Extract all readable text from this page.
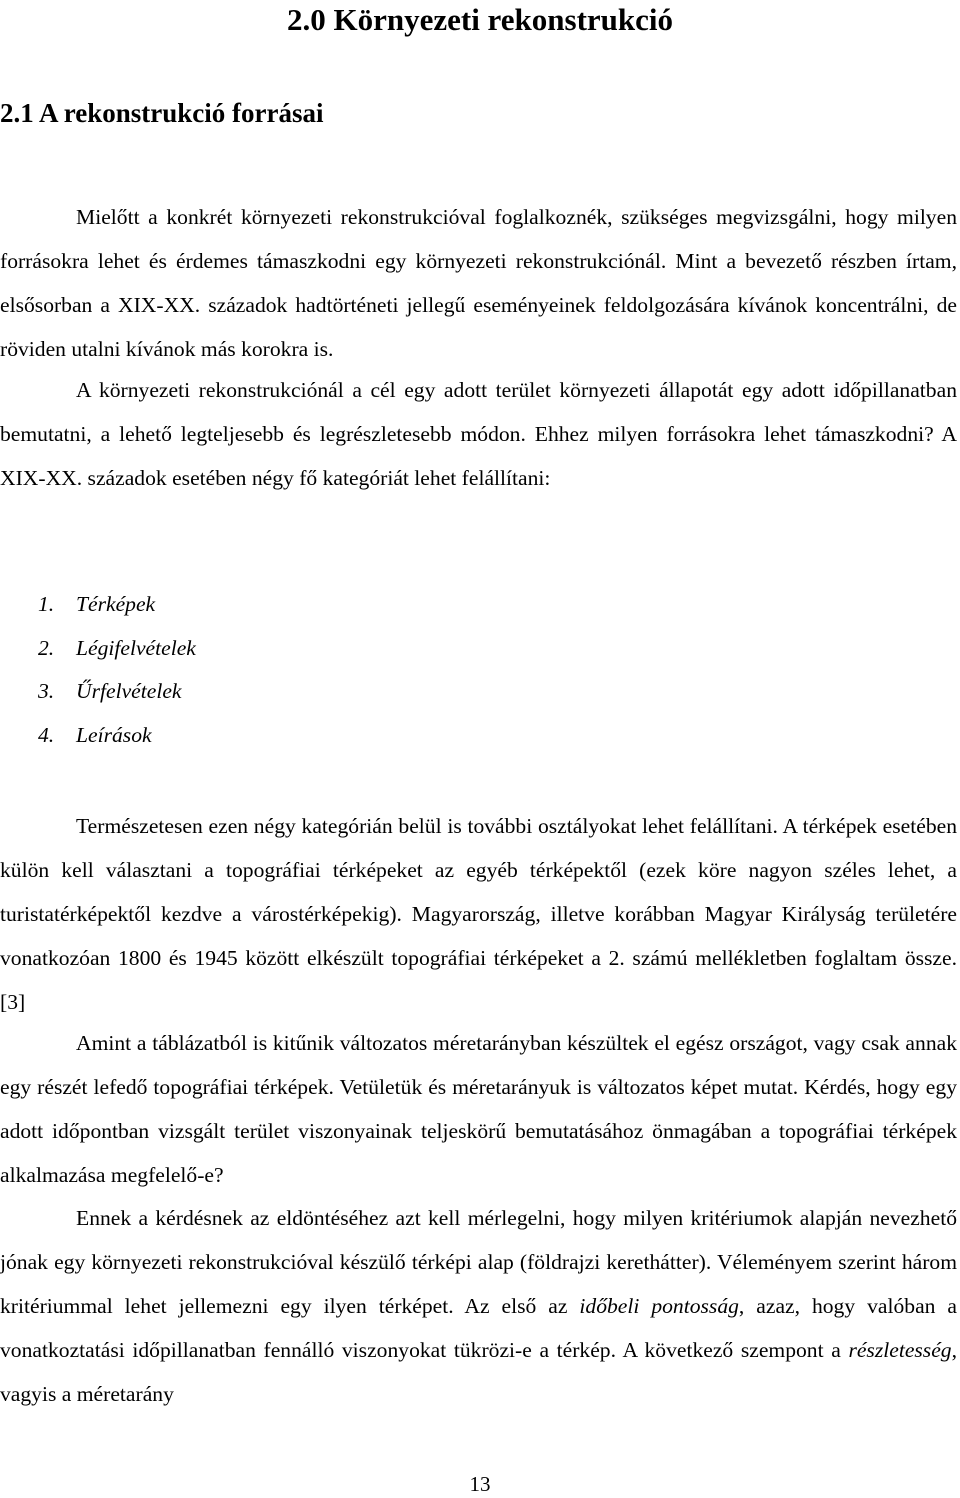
2.0 Környezeti rekonstrukció
2.1 A rekonstrukció forrásai

Mielőtt a konkrét környezeti rekonstrukcióval foglalkoznék, szükséges megvizsgálni, hogy milyen forrásokra lehet és érdemes támaszkodni egy környezeti rekonstrukciónál. Mint a bevezető részben írtam, elsősorban a XIX-XX. századok hadtörténeti jellegű eseményeinek feldolgozására kívánok koncentrálni, de röviden utalni kívánok más korokra is.

A környezeti rekonstrukciónál a cél egy adott terület környezeti állapotát egy adott időpillanatban bemutatni, a lehető legteljesebb és legrészletesebb módon. Ehhez milyen forrásokra lehet támaszkodni? A XIX-XX. századok esetében négy fő kategóriát lehet felállítani:

1. Térképek
2. Légifelvételek
3. Űrfelvételek
4. Leírások

Természetesen ezen négy kategórián belül is további osztályokat lehet felállítani. A térképek esetében külön kell választani a topográfiai térképeket az egyéb térképektől (ezek köre nagyon széles lehet, a turistatérképektől kezdve a várostérképekig). Magyarország, illetve korábban Magyar Királyság területére vonatkozóan 1800 és 1945 között elkészült topográfiai térképeket a 2. számú mellékletben foglaltam össze. [3]

Amint a táblázatból is kitűnik változatos méretarányban készültek el egész országot, vagy csak annak egy részét lefedő topográfiai térképek. Vetületük és méretarányuk is változatos képet mutat. Kérdés, hogy egy adott időpontban vizsgált terület viszonyainak teljeskörű bemutatásához önmagában a topográfiai térképek alkalmazása megfelelő-e?

Ennek a kérdésnek az eldöntéséhez azt kell mérlegelni, hogy milyen kritériumok alapján nevezhető jónak egy környezeti rekonstrukcióval készülő térképi alap (földrajzi kerethátter). Véleményem szerint három kritériummal lehet jellemezni egy ilyen térképet. Az első az időbeli pontosság, azaz, hogy valóban a vonatkoztatási időpillanatban fennálló viszonyokat tükrözi-e a térkép. A következő szempont a részletesség, vagyis a méretarány

13
